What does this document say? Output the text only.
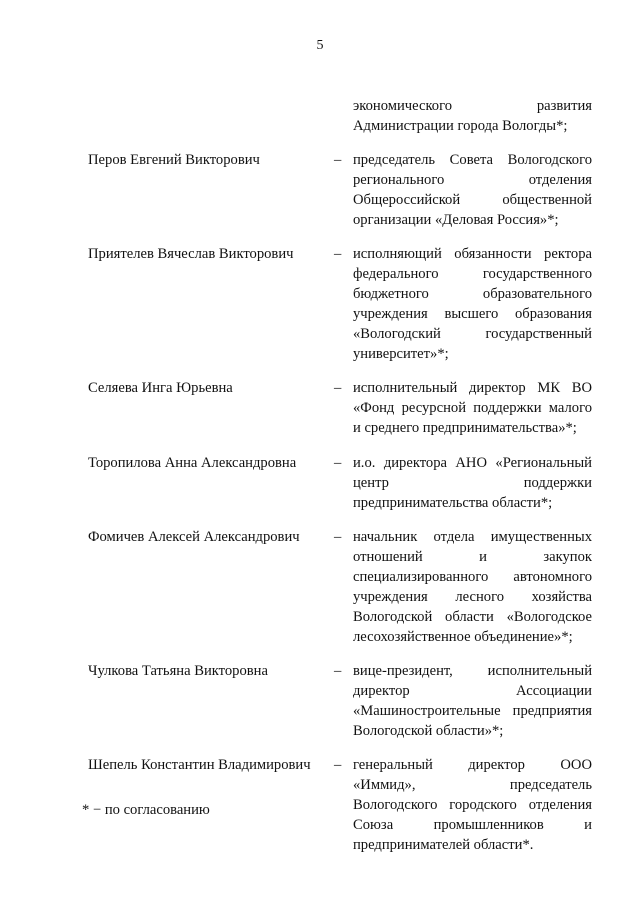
5
экономического развития
Администрации города Вологды*;
Перов Евгений Викторович	– председатель Совета Вологодского
регионального отделения
Общероссийской общественной
организации «Деловая Россия»*;
Приятелев Вячеслав Викторович	– исполняющий обязанности ректора
федерального государственного
бюджетного образовательного
учреждения высшего образования
«Вологодский государственный
университет»*;
Селяева Инга Юрьевна	– исполнительный директор МК ВО
«Фонд ресурсной поддержки малого
и среднего предпринимательства»*;
Торопилова Анна Александровна	– и.о. директора АНО «Региональный
центр поддержки
предпринимательства области*;
Фомичев Алексей Александрович	– начальник отдела имущественных
отношений и закупок
специализированного автономного
учреждения лесного хозяйства
Вологодской области «Вологодское
лесохозяйственное объединение»*;
Чулкова Татьяна Викторовна	– вице-президент, исполнительный
директор Ассоциации
«Машиностроительные предприятия
Вологодской области»*;
Шепель Константин Владимирович	– генеральный директор ООО
«Иммид», председатель
Вологодского городского отделения
Союза промышленников и
предпринимателей области*.
* − по согласованию
